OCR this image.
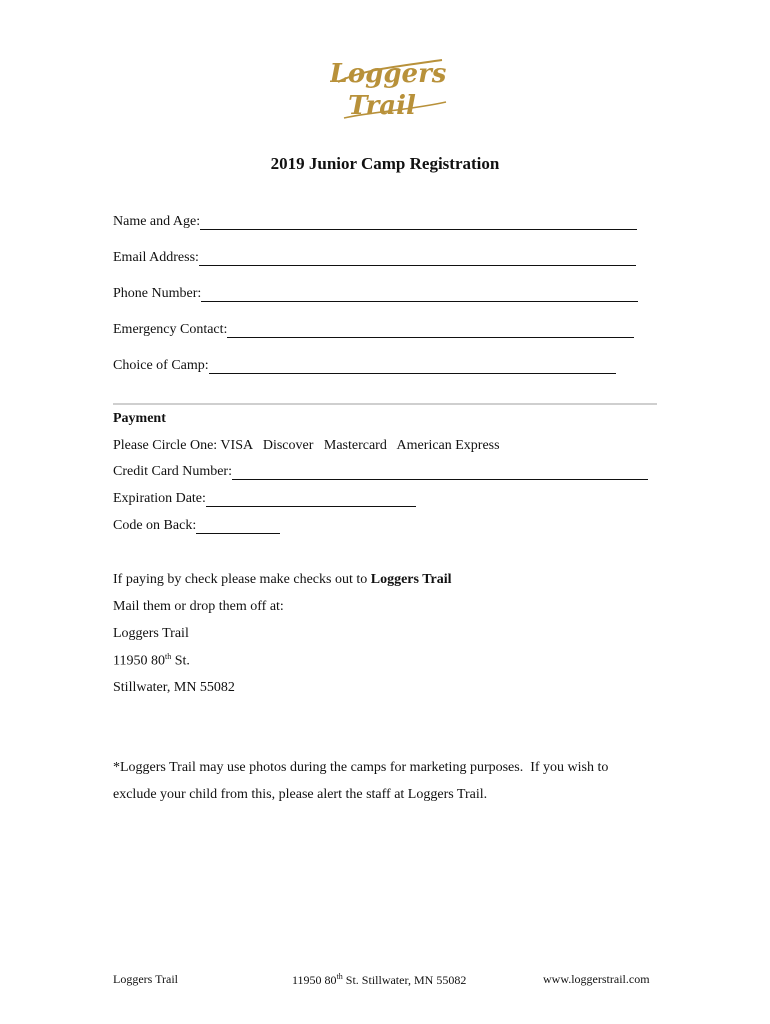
Loggers
Trail
2019 Junior Camp Registration
Name and Age:
Email Address:
Phone Number:
Emergency Contact:
Choice of Camp:
Payment
Please Circle One: VISA   Discover   Mastercard   American Express
Credit Card Number:
Expiration Date:
Code on Back:
If paying by check please make checks out to Loggers Trail
Mail them or drop them off at:
Loggers Trail
11950 80th St.
Stillwater, MN 55082
*Loggers Trail may use photos during the camps for marketing purposes.  If you wish to
exclude your child from this, please alert the staff at Loggers Trail.
Loggers Trail	11950 80th St. Stillwater, MN 55082	www.loggerstrail.com
